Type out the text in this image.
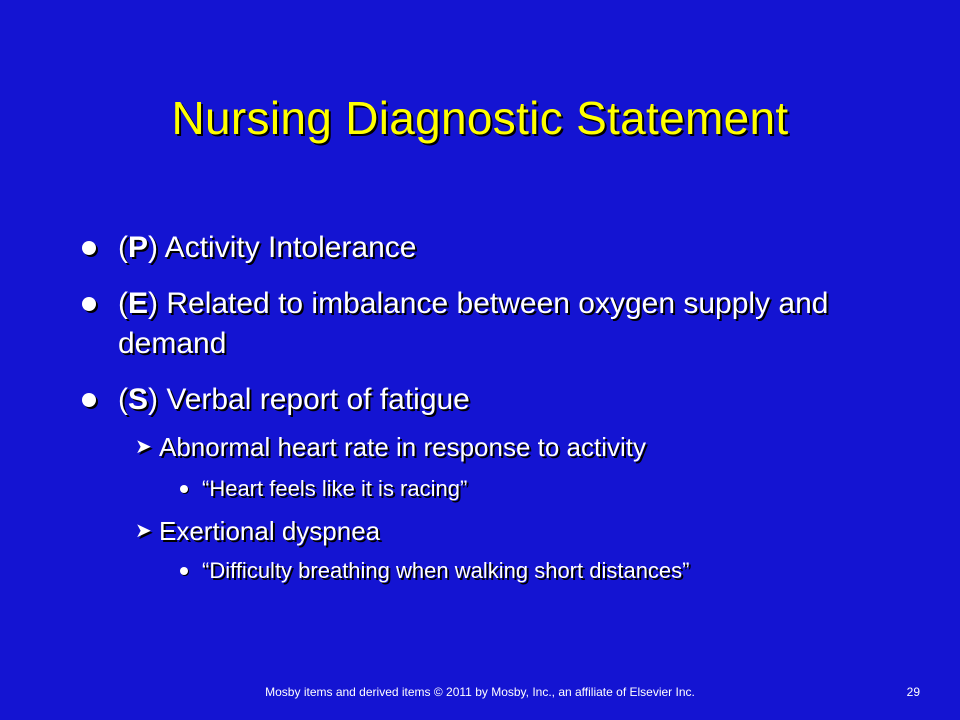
Nursing Diagnostic Statement
(P) Activity Intolerance
(E) Related to imbalance between oxygen supply and demand
(S) Verbal report of fatigue
➤ Abnormal heart rate in response to activity
“Heart feels like it is racing”
➤ Exertional dyspnea
“Difficulty breathing when walking short distances”
Mosby items and derived items © 2011 by Mosby, Inc., an affiliate of Elsevier Inc.	29
